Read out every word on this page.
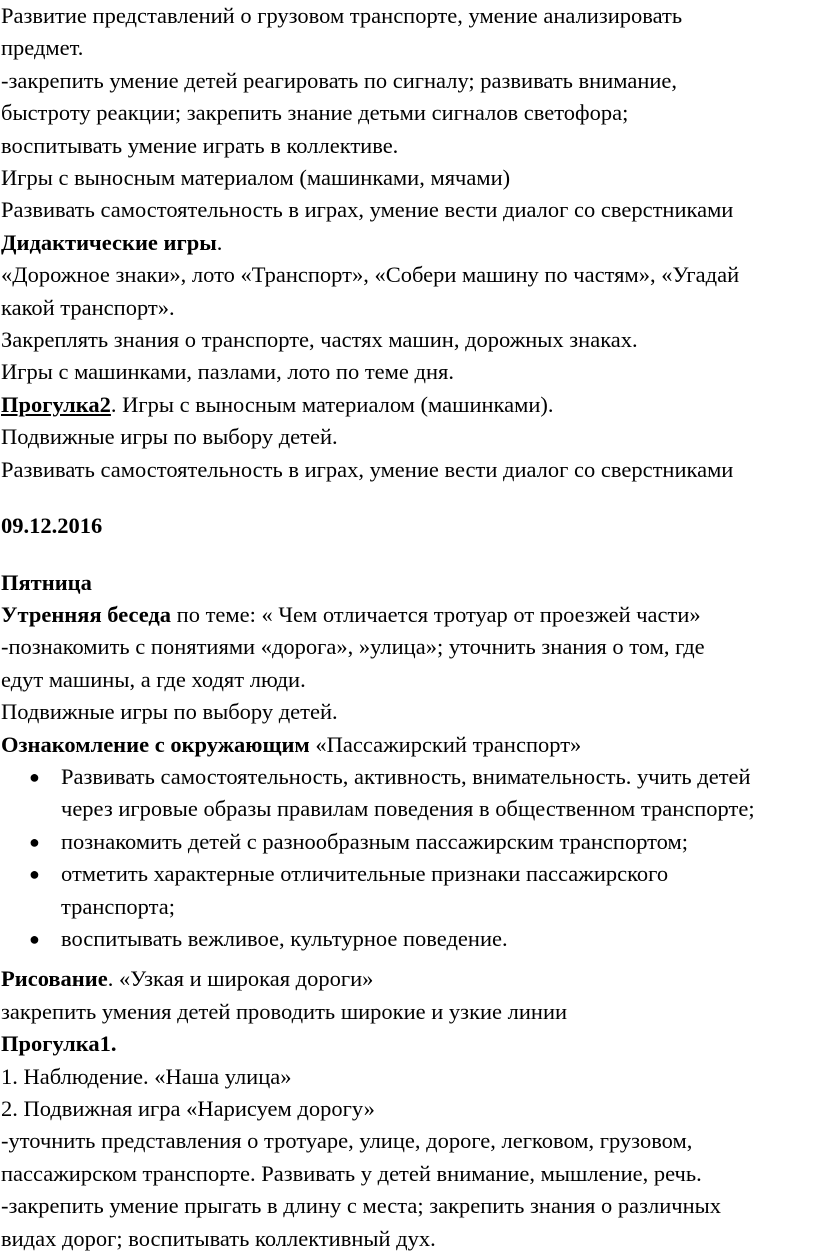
Развитие представлений о грузовом транспорте, умение анализировать

предмет.

-закрепить умение детей реагировать по сигналу; развивать внимание,

быстроту реакции; закрепить знание детьми сигналов светофора;

воспитывать умение играть в коллективе.

Игры с выносным материалом (машинками, мячами)

Развивать самостоятельность в играх, умение вести диалог со сверстниками

Дидактические игры.

«Дорожное знаки», лото «Транспорт», «Собери машину по частям», «Угадай

какой транспорт».

Закреплять знания о транспорте, частях машин, дорожных знаках.

Игры с машинками, пазлами, лото по теме дня.

Прогулка2. Игры с выносным материалом (машинками).

Подвижные игры по выбору детей.

Развивать самостоятельность в играх, умение вести диалог со сверстниками

09.12.2016

Пятница

Утренняя беседа по теме: « Чем отличается тротуар от проезжей части»

-познакомить с понятиями «дорога», »улица»; уточнить знания о том, где

едут машины, а где ходят люди.

Подвижные игры по выбору детей.

Ознакомление с окружающим «Пассажирский транспорт»

● Развивать самостоятельность, активность, внимательность. учить детей
через игровые образы правилам поведения в общественном транспорте;
● познакомить детей с разнообразным пассажирским транспортом;
● отметить характерные отличительные признаки пассажирского
транспорта;
● воспитывать вежливое, культурное поведение.

Рисование. «Узкая и широкая дороги»

закрепить умения детей проводить широкие и узкие линии

Прогулка1.

1. Наблюдение. «Наша улица»

2. Подвижная игра «Нарисуем дорогу»

-уточнить представления о тротуаре, улице, дороге, легковом, грузовом,

пассажирском транспорте. Развивать у детей внимание, мышление, речь.

-закрепить умение прыгать в длину с места; закрепить знания о различных

видах дорог; воспитывать коллективный дух.
